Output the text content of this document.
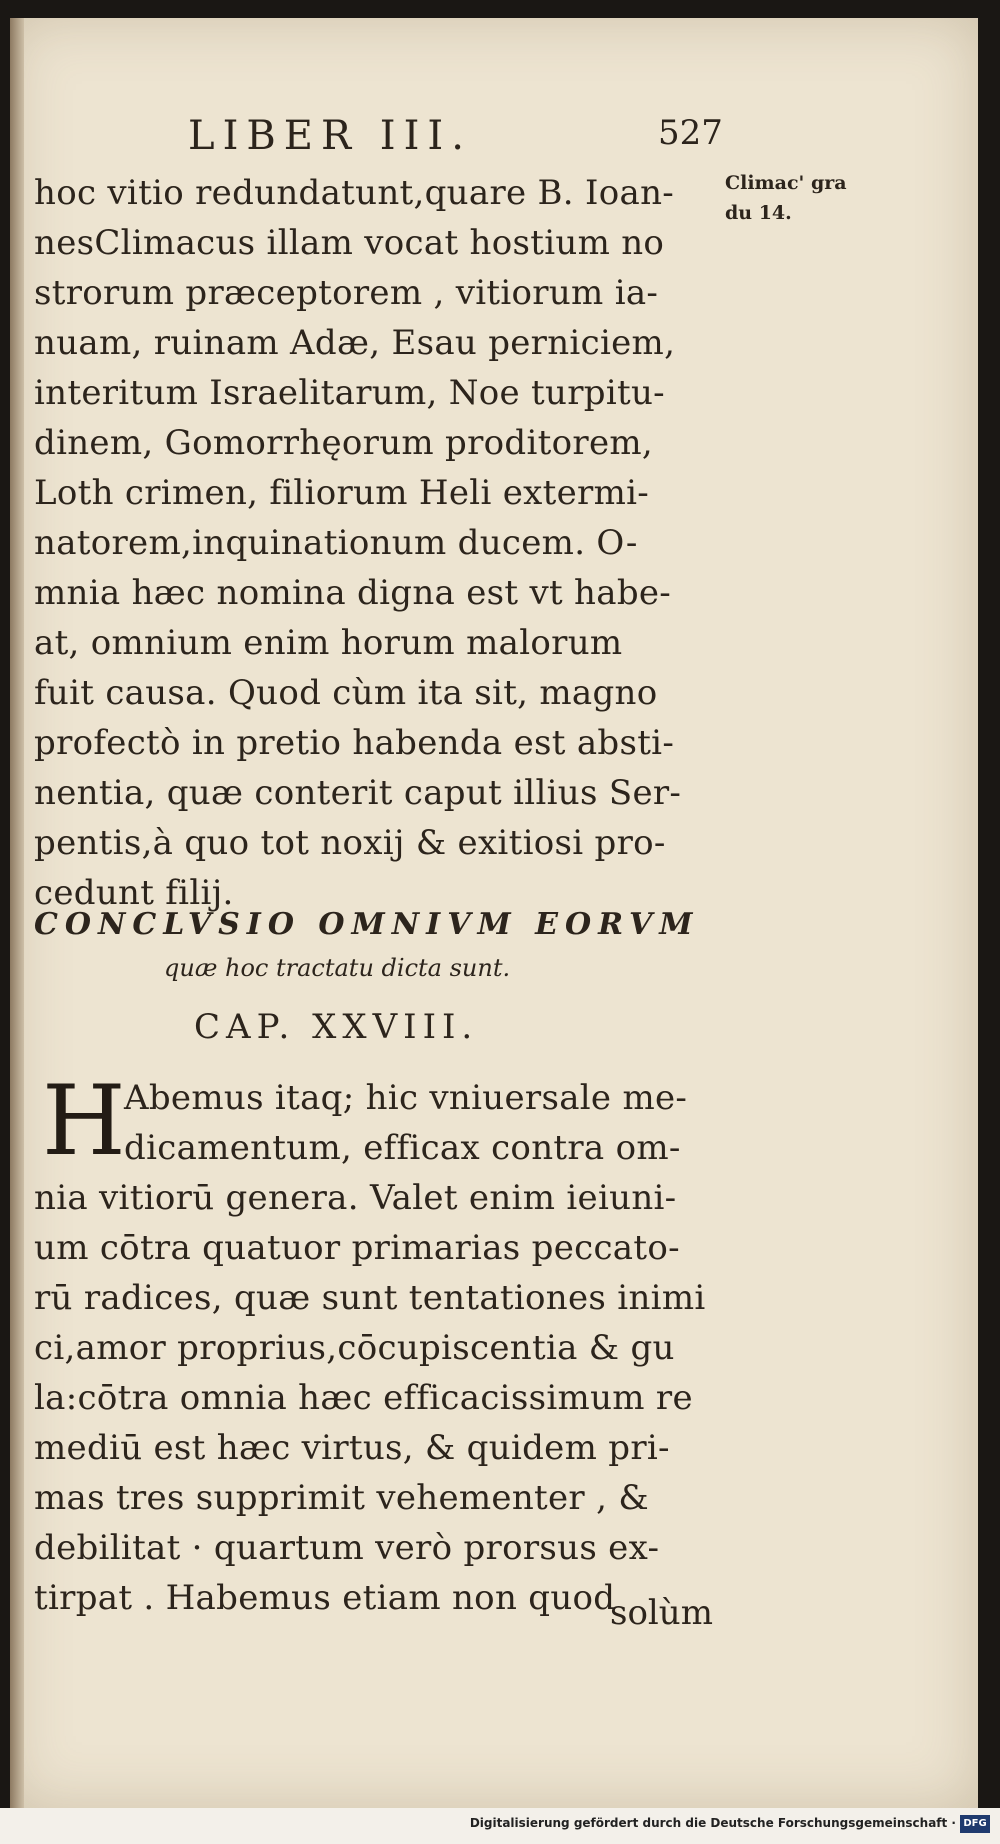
LIBER III.	527
Climac' gra
du 14.
hoc vitio redundatunt,quare B. Ioan-
nesClimacus illam vocat hostium no
strorum præceptorem , vitiorum ia-
nuam, ruinam Adæ, Esau perniciem,
interitum Israelitarum, Noe turpitu-
dinem, Gomorrhęorum proditorem,
Loth crimen, filiorum Heli extermi-
natorem,inquinationum ducem. O-
mnia hæc nomina digna est vt habe-
at, omnium enim horum malorum
fuit causa. Quod cùm ita sit, magno
profectò in pretio habenda est absti-
nentia, quæ conterit caput illius Ser-
pentis,à quo tot noxij & exitiosi pro-
cedunt filij.
CONCLVSIO OMNIVM EORVM
quæ hoc tractatu dicta sunt.
CAP. XXVIII.
H
Abemus itaq; hic vniuersale me-
dicamentum, efficax contra om-
nia vitiorū genera. Valet enim ieiuni-
um cōtra quatuor primarias peccato-
rū radices, quæ sunt tentationes inimi
ci,amor proprius,cōcupiscentia & gu
la:cōtra omnia hæc efficacissimum re
mediū est hæc virtus, & quidem pri-
mas tres supprimit vehementer , &
debilitat · quartum verò prorsus ex-
tirpat . Habemus etiam non quod
solùm
Digitalisierung gefördert durch die Deutsche Forschungsgemeinschaft · DFG
